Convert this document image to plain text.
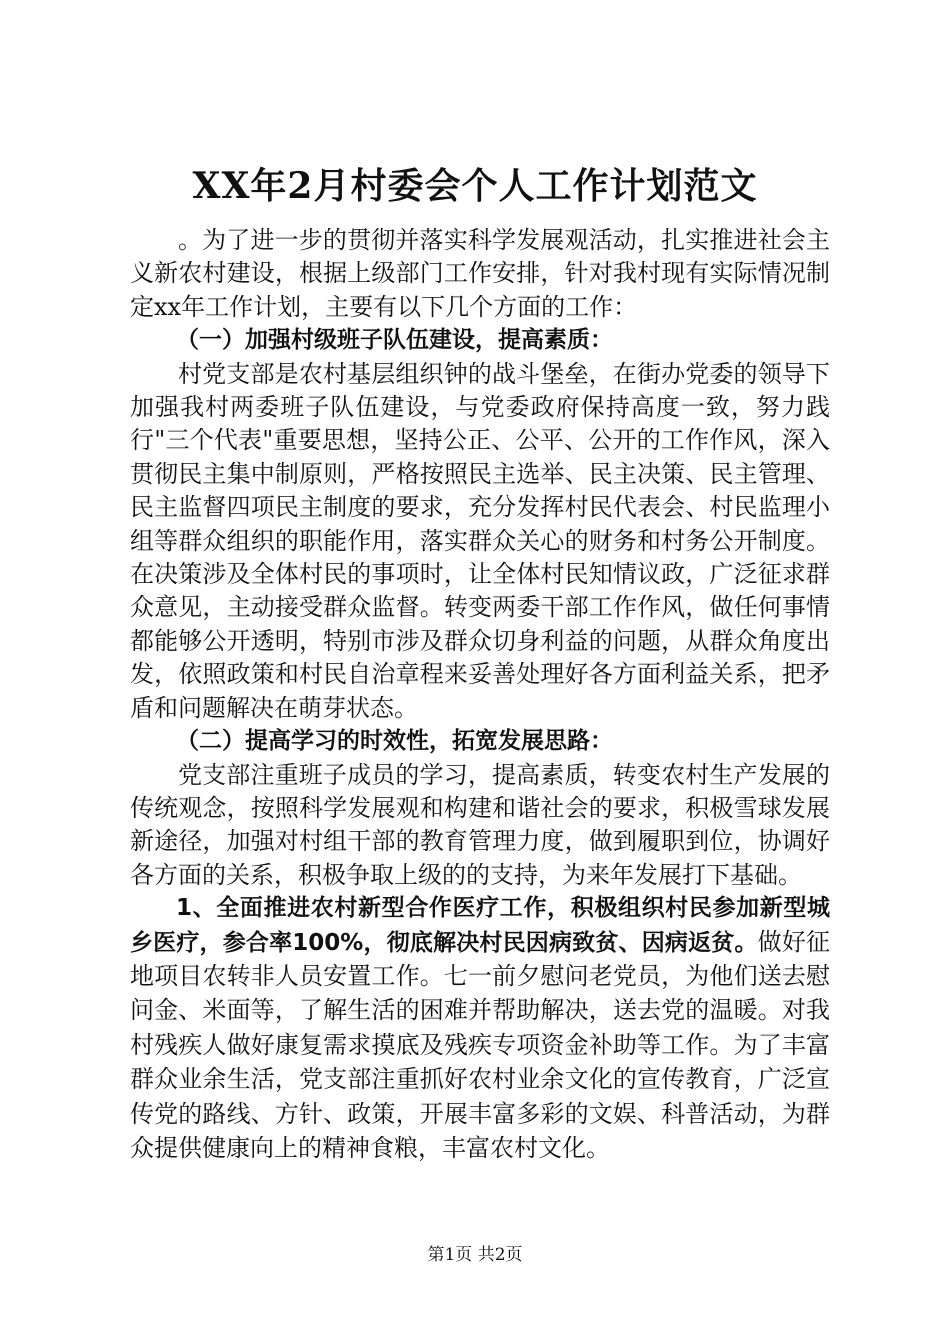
XX年2月村委会个人工作计划范文

。为了进一步的贯彻并落实科学发展观活动，扎实推进社会主义新农村建设，根据上级部门工作安排，针对我村现有实际情况制定xx年工作计划，主要有以下几个方面的工作：

（一）加强村级班子队伍建设，提高素质：

村党支部是农村基层组织钟的战斗堡垒，在街办党委的领导下加强我村两委班子队伍建设，与党委政府保持高度一致，努力践行"三个代表"重要思想，坚持公正、公平、公开的工作作风，深入贯彻民主集中制原则，严格按照民主选举、民主决策、民主管理、民主监督四项民主制度的要求，充分发挥村民代表会、村民监理小组等群众组织的职能作用，落实群众关心的财务和村务公开制度。在决策涉及全体村民的事项时，让全体村民知情议政，广泛征求群众意见，主动接受群众监督。转变两委干部工作作风，做任何事情都能够公开透明，特别市涉及群众切身利益的问题，从群众角度出发，依照政策和村民自治章程来妥善处理好各方面利益关系，把矛盾和问题解决在萌芽状态。

（二）提高学习的时效性，拓宽发展思路：

党支部注重班子成员的学习，提高素质，转变农村生产发展的传统观念，按照科学发展观和构建和谐社会的要求，积极雪球发展新途径，加强对村组干部的教育管理力度，做到履职到位，协调好各方面的关系，积极争取上级的的支持，为来年发展打下基础。

1、全面推进农村新型合作医疗工作，积极组织村民参加新型城乡医疗，参合率100%，彻底解决村民因病致贫、因病返贫。做好征地项目农转非人员安置工作。七一前夕慰问老党员，为他们送去慰问金、米面等，了解生活的困难并帮助解决，送去党的温暖。对我村残疾人做好康复需求摸底及残疾专项资金补助等工作。为了丰富群众业余生活，党支部注重抓好农村业余文化的宣传教育，广泛宣传党的路线、方针、政策，开展丰富多彩的文娱、科普活动，为群众提供健康向上的精神食粮，丰富农村文化。

第1页 共2页
